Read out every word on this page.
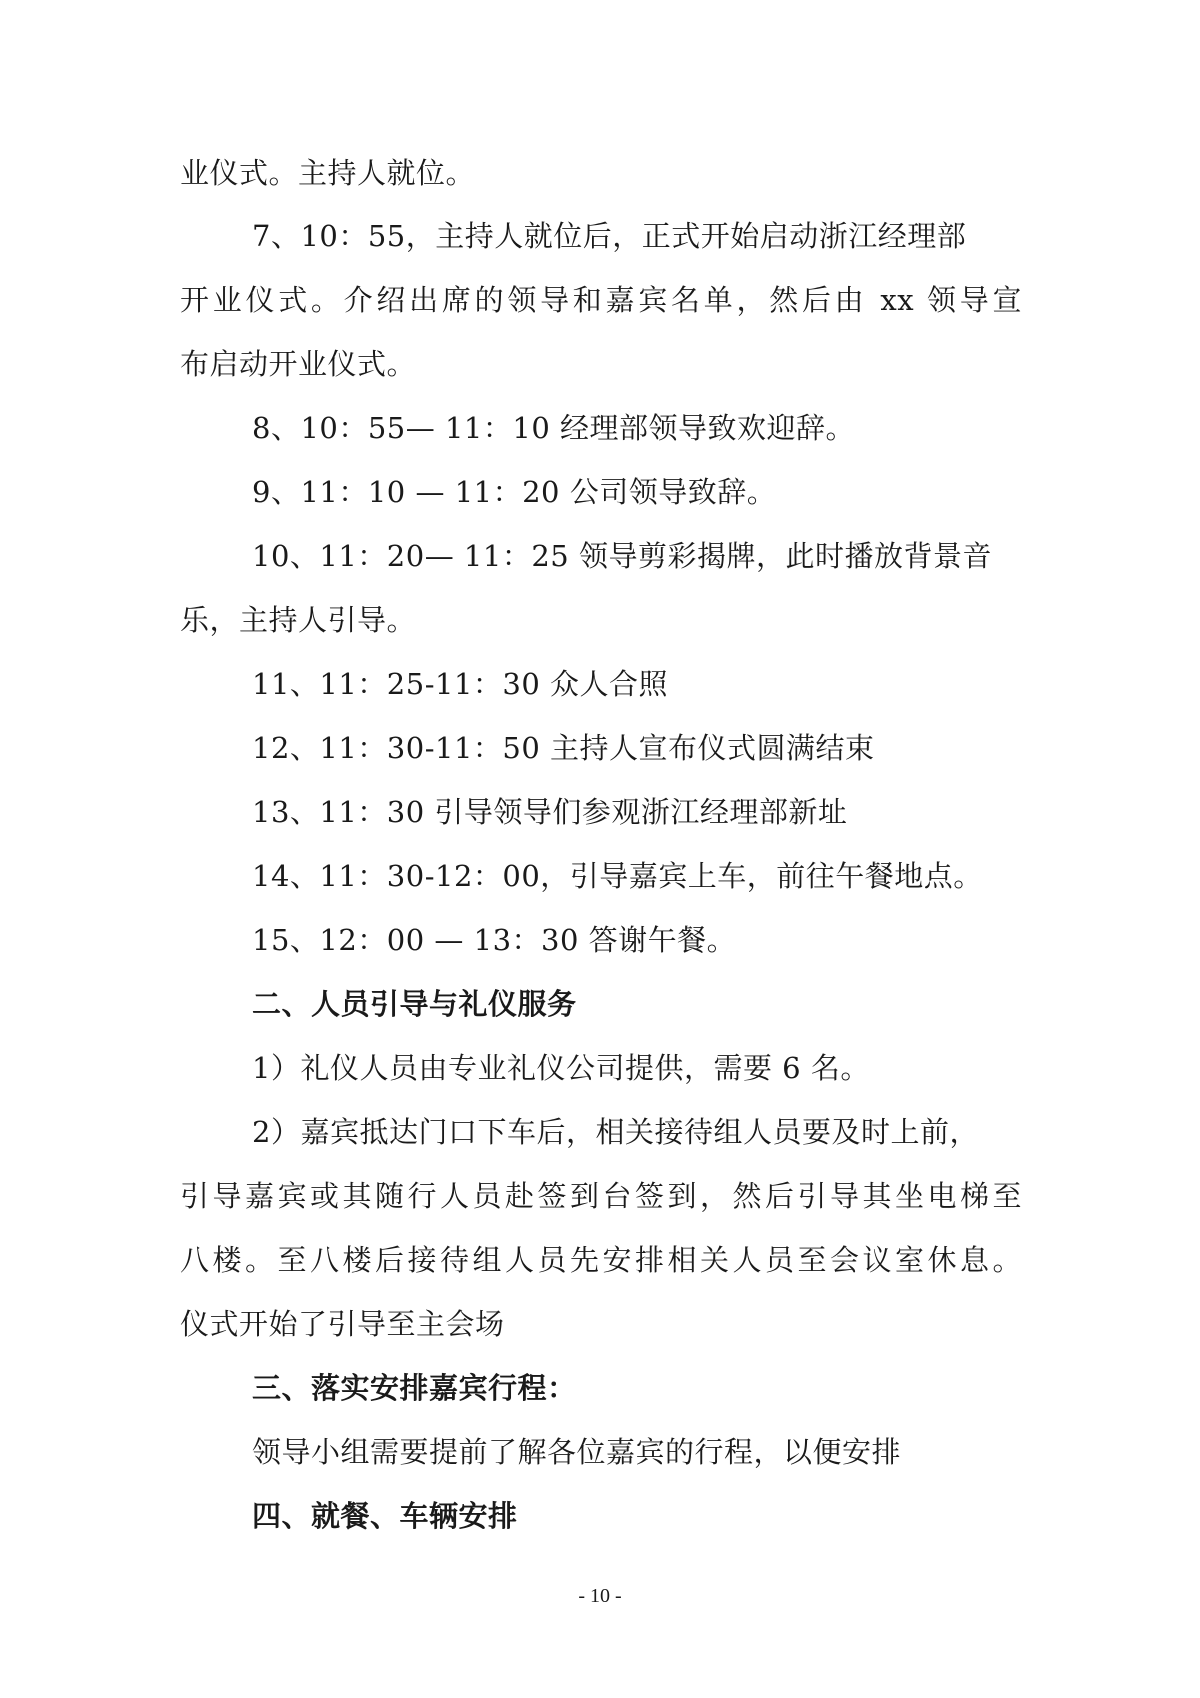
业仪式。主持人就位。
7、10：55，主持人就位后，正式开始启动浙江经理部
开业仪式。介绍出席的领导和嘉宾名单，然后由 xx 领导宣
布启动开业仪式。
8、10：55— 11：10 经理部领导致欢迎辞。
9、11：10 — 11：20 公司领导致辞。
10、11：20— 11：25 领导剪彩揭牌，此时播放背景音
乐，主持人引导。
11、11：25-11：30 众人合照
12、11：30-11：50 主持人宣布仪式圆满结束
13、11：30 引导领导们参观浙江经理部新址
14、11：30-12：00，引导嘉宾上车，前往午餐地点。
15、12：00 — 13：30 答谢午餐。
二、人员引导与礼仪服务
1）礼仪人员由专业礼仪公司提供，需要 6 名。
2）嘉宾抵达门口下车后，相关接待组人员要及时上前，
引导嘉宾或其随行人员赴签到台签到，然后引导其坐电梯至
八楼。至八楼后接待组人员先安排相关人员至会议室休息。
仪式开始了引导至主会场
三、落实安排嘉宾行程：
领导小组需要提前了解各位嘉宾的行程，以便安排
四、就餐、车辆安排
- 10 -
